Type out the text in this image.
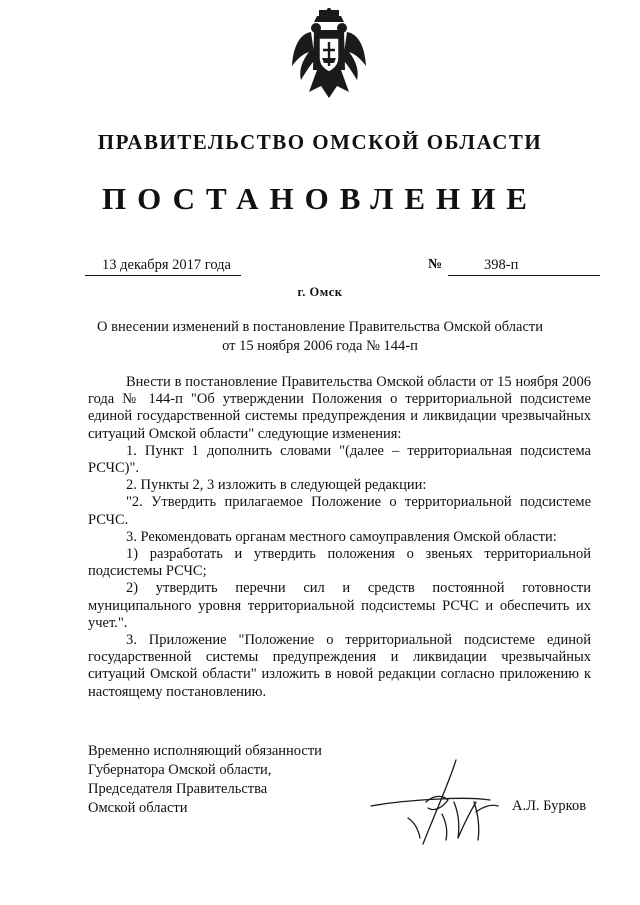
ПРАВИТЕЛЬСТВО ОМСКОЙ ОБЛАСТИ
ПОСТАНОВЛЕНИЕ
13 декабря 2017 года	№	398-п
г. Омск
О внесении изменений в постановление Правительства Омской области
от 15 ноября 2006 года № 144-п

Внести в постановление Правительства Омской области от 15 ноября 2006 года № 144-п "Об утверждении Положения о территориальной подсистеме единой государственной системы предупреждения и ликвидации чрезвычайных ситуаций Омской области" следующие изменения:

1. Пункт 1 дополнить словами "(далее – территориальная подсистема РСЧС)".

2. Пункты 2, 3 изложить в следующей редакции:

"2. Утвердить прилагаемое Положение о территориальной подсистеме РСЧС.

3. Рекомендовать органам местного самоуправления Омской области:

1) разработать и утвердить положения о звеньях территориальной подсистемы РСЧС;

2) утвердить перечни сил и средств постоянной готовности муниципального уровня территориальной подсистемы РСЧС и обеспечить их учет.".

3. Приложение "Положение о территориальной подсистеме единой государственной системы предупреждения и ликвидации чрезвычайных ситуаций Омской области" изложить в новой редакции согласно приложению к настоящему постановлению.

Временно исполняющий обязанности
Губернатора Омской области,
Председателя Правительства
Омской области	А.Л. Бурков
